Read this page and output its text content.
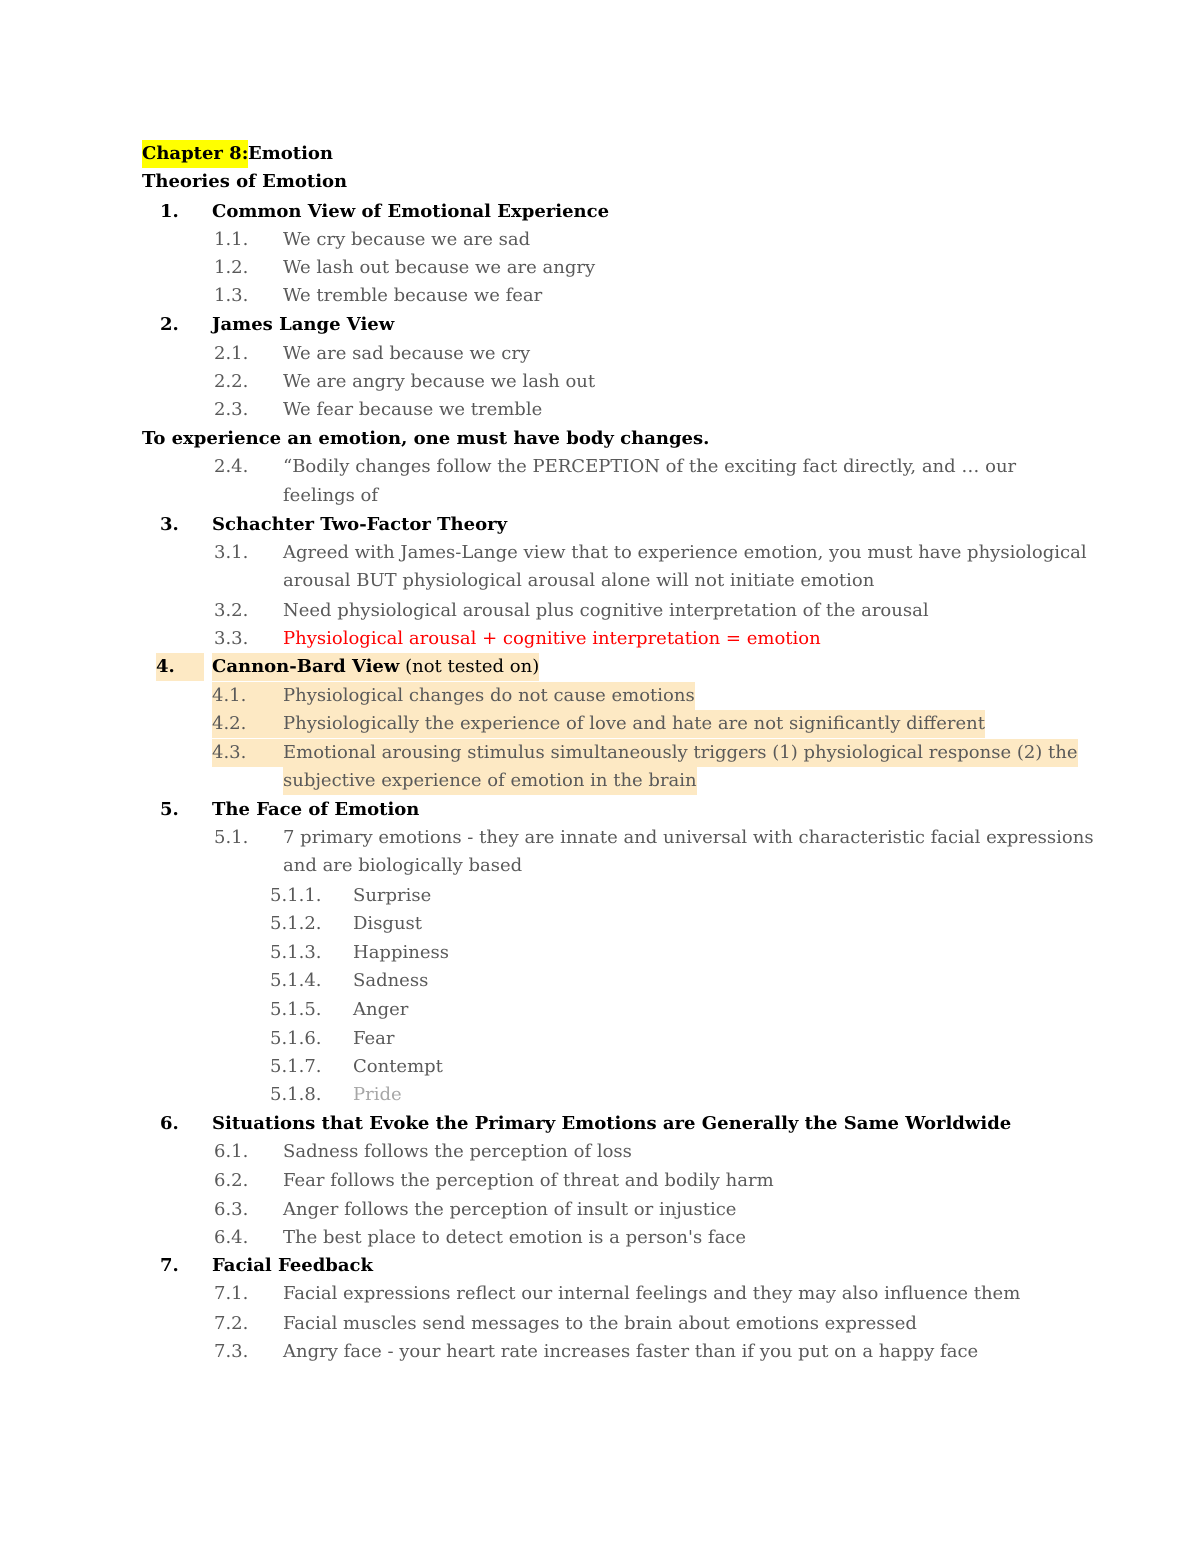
Chapter 8: Emotion
Theories of Emotion
1. Common View of Emotional Experience
1.1. We cry because we are sad
1.2. We lash out because we are angry
1.3. We tremble because we fear
2. James Lange View
2.1. We are sad because we cry
2.2. We are angry because we lash out
2.3. We fear because we tremble
To experience an emotion, one must have body changes.
2.4. “Bodily changes follow the PERCEPTION of the exciting fact directly, and … our
feelings of
3. Schachter Two-Factor Theory
3.1. Agreed with James-Lange view that to experience emotion, you must have physiological
arousal BUT physiological arousal alone will not initiate emotion
3.2. Need physiological arousal plus cognitive interpretation of the arousal
3.3. Physiological arousal + cognitive interpretation = emotion
4.	Cannon-Bard View (not tested on)
4.1.	Physiological changes do not cause emotions
4.2.	Physiologically the experience of love and hate are not significantly different
4.3.	Emotional arousing stimulus simultaneously triggers (1) physiological response (2) the
subjective experience of emotion in the brain
5. The Face of Emotion
5.1. 7 primary emotions - they are innate and universal with characteristic facial expressions
and are biologically based
5.1.1. Surprise
5.1.2. Disgust
5.1.3. Happiness
5.1.4. Sadness
5.1.5. Anger
5.1.6. Fear
5.1.7. Contempt
5.1.8. Pride
6. Situations that Evoke the Primary Emotions are Generally the Same Worldwide
6.1. Sadness follows the perception of loss
6.2. Fear follows the perception of threat and bodily harm
6.3. Anger follows the perception of insult or injustice
6.4. The best place to detect emotion is a person's face
7. Facial Feedback
7.1. Facial expressions reflect our internal feelings and they may also influence them
7.2. Facial muscles send messages to the brain about emotions expressed
7.3. Angry face - your heart rate increases faster than if you put on a happy face
